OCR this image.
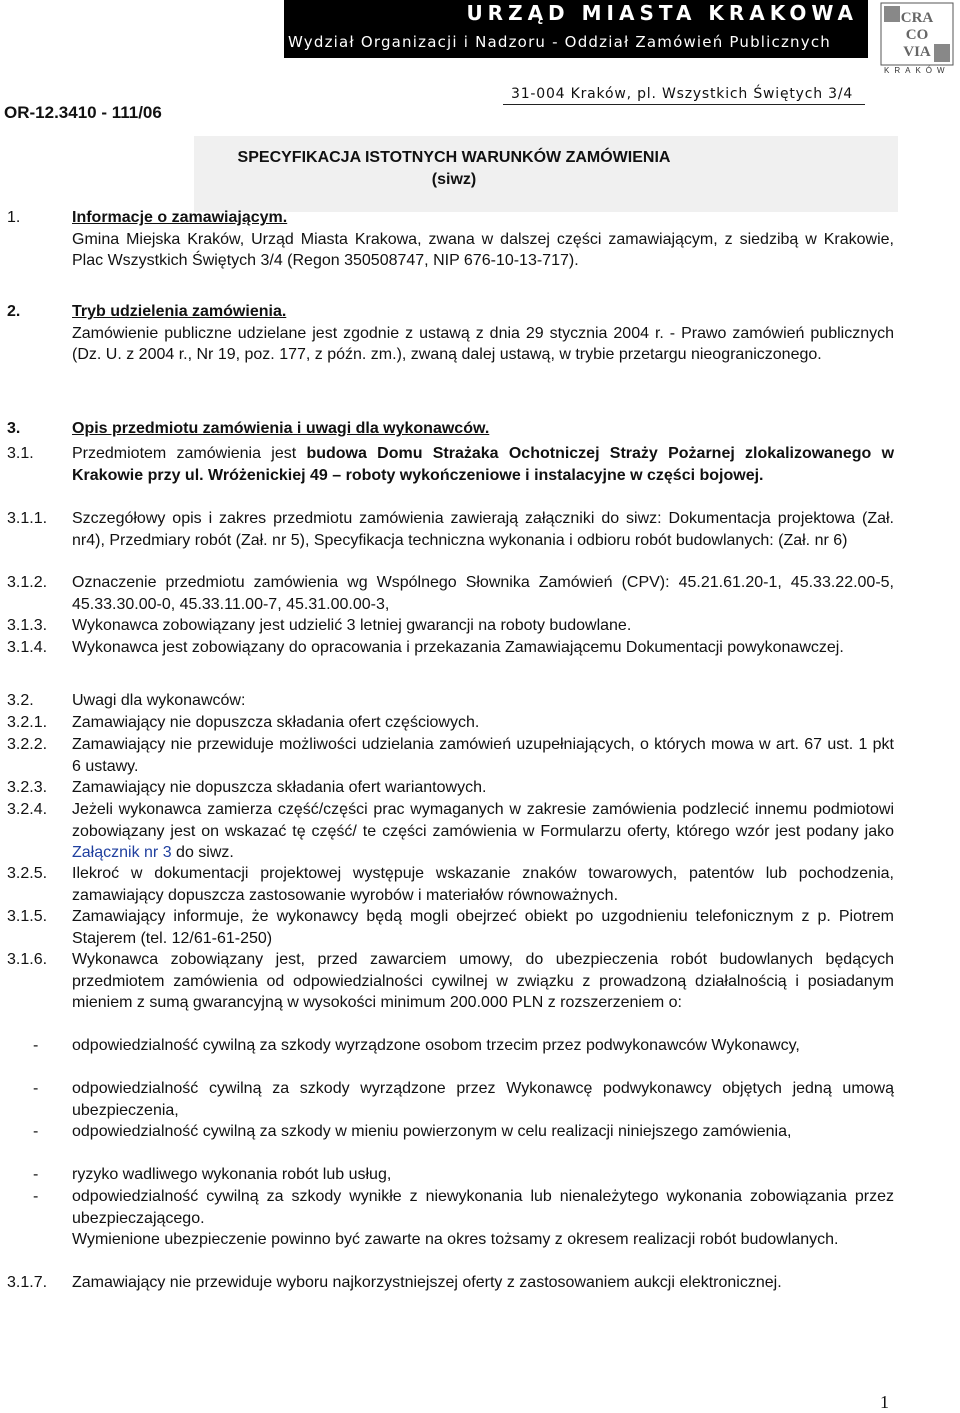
URZĄD MIASTA KRAKOWA
Wydział Organizacji i Nadzoru - Oddział Zamówień Publicznych
31-004 Kraków, pl. Wszystkich Świętych 3/4
CRA
CO
VIA
KRAKÓW
OR-12.3410 - 111/06
SPECYFIKACJA ISTOTNYCH WARUNKÓW ZAMÓWIENIA
(siwz)
1.	Informacje o zamawiającym.
Gmina Miejska Kraków, Urząd Miasta Krakowa, zwana w dalszej części zamawiającym, z siedzibą w Krakowie, Plac Wszystkich Świętych 3/4 (Regon 350508747, NIP 676-10-13-717).
2.	Tryb udzielenia zamówienia.
Zamówienie publiczne udzielane jest zgodnie z ustawą z dnia 29 stycznia 2004 r. - Prawo zamówień publicznych (Dz. U. z 2004 r., Nr 19, poz. 177, z późn. zm.), zwaną dalej ustawą, w trybie przetargu nieograniczonego.
3.	Opis przedmiotu zamówienia i uwagi dla wykonawców.
3.1. Przedmiotem zamówienia jest budowa Domu Strażaka Ochotniczej Straży Pożarnej zlokalizowanego w Krakowie przy ul. Wróżenickiej 49 – roboty wykończeniowe i instalacyjne w części bojowej.
3.1.1. Szczegółowy opis i zakres przedmiotu zamówienia zawierają załączniki do siwz: Dokumentacja projektowa (Zał. nr4), Przedmiary robót (Zał. nr 5), Specyfikacja techniczna wykonania i odbioru robót budowlanych: (Zał. nr 6)
3.1.2. Oznaczenie przedmiotu zamówienia wg Wspólnego Słownika Zamówień (CPV): 45.21.61.20-1, 45.33.22.00-5, 45.33.30.00-0, 45.33.11.00-7, 45.31.00.00-3,
3.1.3. Wykonawca zobowiązany jest udzielić 3 letniej gwarancji na roboty budowlane.
3.1.4. Wykonawca jest zobowiązany do opracowania i przekazania Zamawiającemu Dokumentacji powykonawczej.
3.2. Uwagi dla wykonawców:
3.2.1. Zamawiający nie dopuszcza składania ofert częściowych.
3.2.2. Zamawiający nie przewiduje możliwości udzielania zamówień uzupełniających, o których mowa w art. 67 ust. 1 pkt 6 ustawy.
3.2.3. Zamawiający nie dopuszcza składania ofert wariantowych.
3.2.4. Jeżeli wykonawca zamierza część/części prac wymaganych w zakresie zamówienia podzlecić innemu podmiotowi zobowiązany jest on wskazać tę część/ te części zamówienia w Formularzu oferty, którego wzór jest podany jako Załącznik nr 3 do siwz.
3.2.5. Ilekroć w dokumentacji projektowej występuje wskazanie znaków towarowych, patentów lub pochodzenia, zamawiający dopuszcza zastosowanie wyrobów i materiałów równoważnych.
3.1.5. Zamawiający informuje, że wykonawcy będą mogli obejrzeć obiekt po uzgodnieniu telefonicznym z p. Piotrem Stajerem (tel. 12/61-61-250)
3.1.6. Wykonawca zobowiązany jest, przed zawarciem umowy, do ubezpieczenia robót budowlanych będących przedmiotem zamówienia od odpowiedzialności cywilnej w związku z prowadzoną działalnością i posiadanym mieniem z sumą gwarancyjną w wysokości minimum 200.000 PLN z rozszerzeniem o:
- odpowiedzialność cywilną za szkody wyrządzone osobom trzecim przez podwykonawców Wykonawcy,
- odpowiedzialność cywilną za szkody wyrządzone przez Wykonawcę podwykonawcy objętych jedną umową ubezpieczenia,
- odpowiedzialność cywilną za szkody w mieniu powierzonym w celu realizacji niniejszego zamówienia,
- ryzyko wadliwego wykonania robót lub usług,
- odpowiedzialność cywilną za szkody wynikłe z niewykonania lub nienależytego wykonania zobowiązania przez ubezpieczającego.
Wymienione ubezpieczenie powinno być zawarte na okres tożsamy z okresem realizacji robót budowlanych.
3.1.7. Zamawiający nie przewiduje wyboru najkorzystniejszej oferty z zastosowaniem aukcji elektronicznej.
1
